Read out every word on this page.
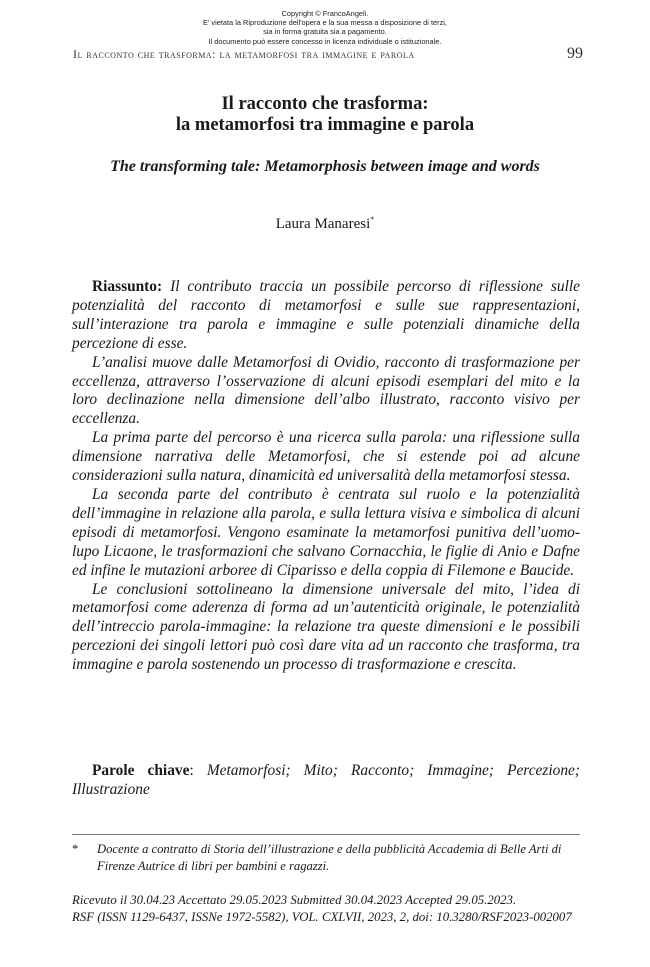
Copyright © FrancoAngeli.
E' vietata la Riproduzione dell'opera e la sua messa a disposizione di terzi,
sia in forma gratuita sia a pagamento.
Il documento può essere concesso in licenza individuale o istituzionale.
Il racconto che trasforma: la metamorfosi tra immagine e parola	99
Il racconto che trasforma:
la metamorfosi tra immagine e parola
The transforming tale: Metamorphosis between image and words
Laura Manaresi*

Riassunto: Il contributo traccia un possibile percorso di riflessione sulle potenzialità del racconto di metamorfosi e sulle sue rappresentazioni, sull’interazione tra parola e immagine e sulle potenziali dinamiche della percezione di esse.

L’analisi muove dalle Metamorfosi di Ovidio, racconto di trasformazione per eccellenza, attraverso l’osservazione di alcuni episodi esemplari del mito e la loro declinazione nella dimensione dell’albo illustrato, racconto visivo per eccellenza.

La prima parte del percorso è una ricerca sulla parola: una riflessione sulla dimensione narrativa delle Metamorfosi, che si estende poi ad alcune considerazioni sulla natura, dinamicità ed universalità della metamorfosi stessa.

La seconda parte del contributo è centrata sul ruolo e la potenzialità dell’immagine in relazione alla parola, e sulla lettura visiva e simbolica di alcuni episodi di metamorfosi. Vengono esaminate la metamorfosi punitiva dell’uomo-lupo Licaone, le trasformazioni che salvano Cornacchia, le figlie di Anio e Dafne ed infine le mutazioni arboree di Ciparisso e della coppia di Filemone e Baucide.

Le conclusioni sottolineano la dimensione universale del mito, l’idea di metamorfosi come aderenza di forma ad un’autenticità originale, le potenzialità dell’intreccio parola-immagine: la relazione tra queste dimensioni e le possibili percezioni dei singoli lettori può così dare vita ad un racconto che trasforma, tra immagine e parola sostenendo un processo di trasformazione e crescita.

Parole chiave: Metamorfosi; Mito; Racconto; Immagine; Percezione; Illustrazione
* Docente a contratto di Storia dell’illustrazione e della pubblicità Accademia di Belle Arti di Firenze Autrice di libri per bambini e ragazzi.
Ricevuto il 30.04.23 Accettato 29.05.2023 Submitted 30.04.2023 Accepted 29.05.2023.
RSF (ISSN 1129-6437, ISSNe 1972-5582), VOL. CXLVII, 2023, 2, doi: 10.3280/RSF2023-002007
